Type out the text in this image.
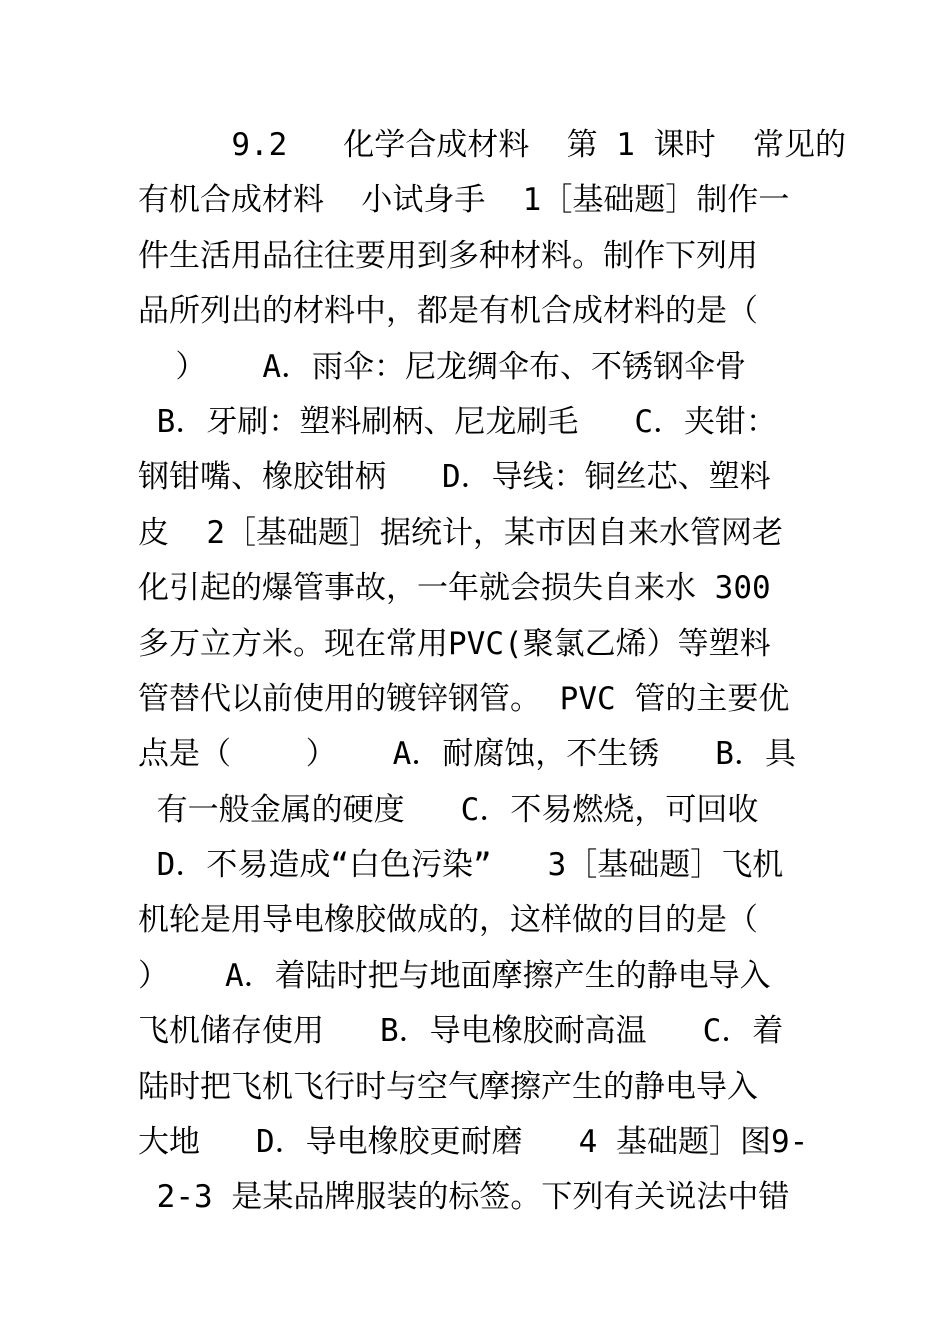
9.2   化学合成材料  第 1 课时  常见的
有机合成材料  小试身手  1［基础题］制作一
件生活用品往往要用到多种材料。制作下列用
品所列出的材料中，都是有机合成材料的是（
）   A．雨伞：尼龙绸伞布、不锈钢伞骨
B．牙刷：塑料刷柄、尼龙刷毛   C．夹钳：
钢钳嘴、橡胶钳柄   D．导线：铜丝芯、塑料
皮  2［基础题］据统计，某市因自来水管网老
化引起的爆管事故，一年就会损失自来水 300
多万立方米。现在常用PVC(聚氯乙烯）等塑料
管替代以前使用的镀锌钢管。 PVC 管的主要优
点是（    ）   A．耐腐蚀，不生锈   B．具
有一般金属的硬度   C．不易燃烧，可回收
D．不易造成“白色污染”   3［基础题］飞机
机轮是用导电橡胶做成的，这样做的目的是（
）   A．着陆时把与地面摩擦产生的静电导入
飞机储存使用   B．导电橡胶耐高温   C．着
陆时把飞机飞行时与空气摩擦产生的静电导入
大地   D．导电橡胶更耐磨   4 基础题］图9-
2-3 是某品牌服装的标签。下列有关说法中错
